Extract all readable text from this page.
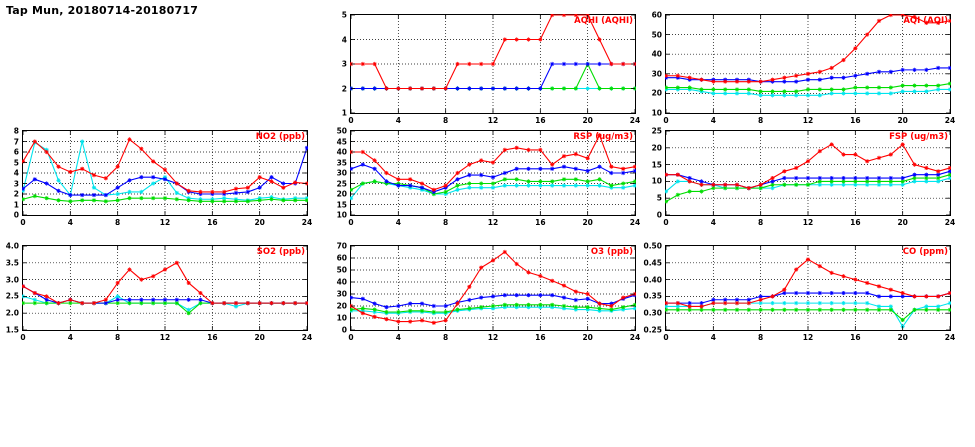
Tap Mun, 20180714-20180717
AQHI (AQHI)
1
2
3
4
5
0	4	8	12	16	20	24
AQI (AQI)
10
20
30
40
50
60
0	4	8	12	16	20	24
NO2 (ppb)
0
1
2
3
4
5
6
7
8
0	4	8	12	16	20	24
RSP (ug/m3)
10
15
20
25
30
35
40
45
50
0	4	8	12	16	20	24
FSP (ug/m3)
0
5
10
15
20
25
0	4	8	12	16	20	24
SO2 (ppb)
1.5
2.0
2.5
3.0
3.5
4.0
0	4	8	12	16	20	24
O3 (ppb)
0
10
20
30
40
50
60
70
0	4	8	12	16	20	24
CO (ppm)
0.25
0.30
0.35
0.40
0.45
0.50
0	4	8	12	16	20	24
